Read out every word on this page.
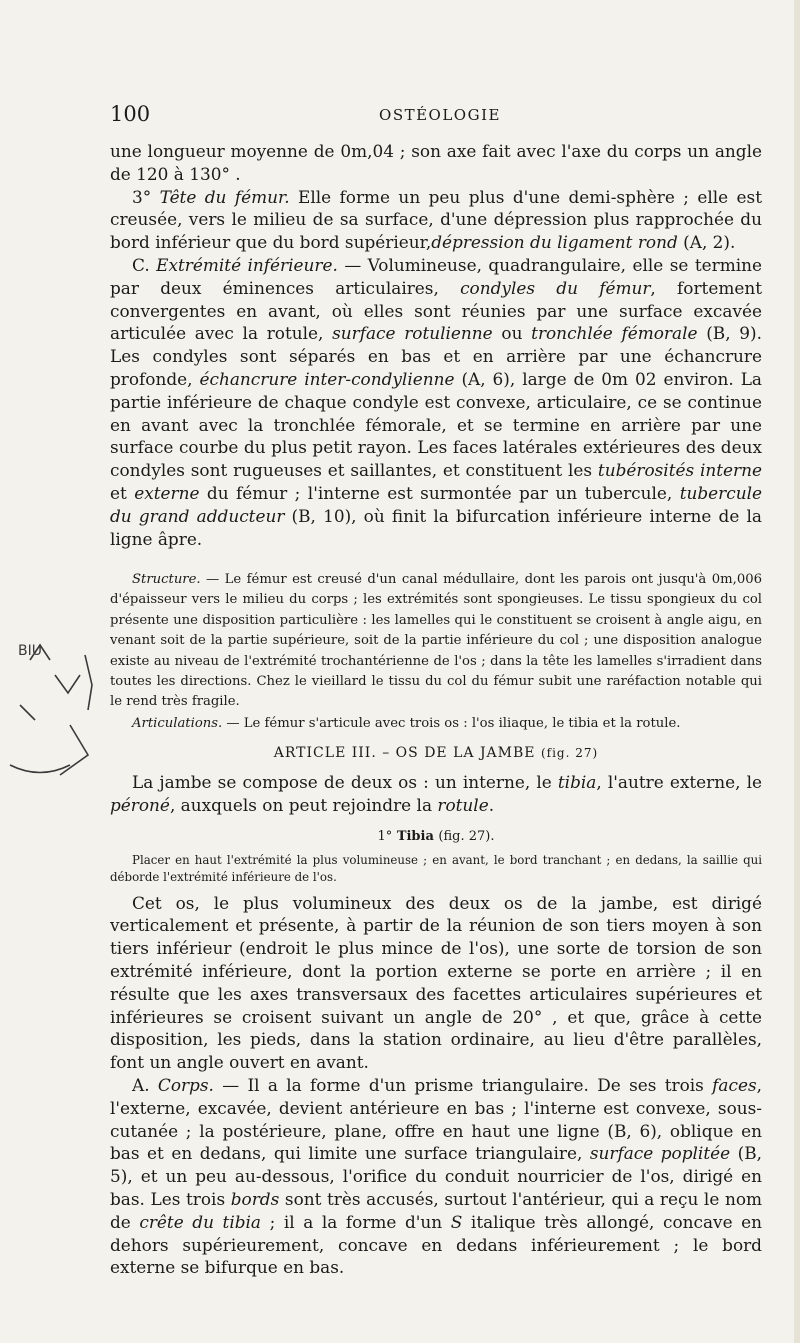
100	OSTÉOLOGIE

une longueur moyenne de 0m,04 ; son axe fait avec l'axe du corps un angle de 120 à 130° .

3° Tête du fémur. Elle forme un peu plus d'une demi-sphère ; elle est creusée, vers le milieu de sa surface, d'une dépression plus rapprochée du bord inférieur que du bord supérieur,dépression du ligament rond (A, 2).

C. Extrémité inférieure. — Volumineuse, quadrangulaire, elle se termine par deux éminences articulaires, condyles du fémur, fortement convergentes en avant, où elles sont réunies par une surface excavée articulée avec la rotule, surface rotulienne ou tronchlée fémorale (B, 9). Les condyles sont séparés en bas et en arrière par une échancrure profonde, échancrure inter-condylienne (A, 6), large de 0m 02 environ. La partie inférieure de chaque condyle est convexe, articulaire, ce se continue en avant avec la tronchlée fémorale, et se termine en arrière par une surface courbe du plus petit rayon. Les faces latérales extérieures des deux condyles sont rugueuses et saillantes, et constituent les tubérosités interne et externe du fémur ; l'interne est surmontée par un tubercule, tubercule du grand adducteur (B, 10), où finit la bifurcation inférieure interne de la ligne âpre.

Structure. — Le fémur est creusé d'un canal médullaire, dont les parois ont jusqu'à 0m,006 d'épaisseur vers le milieu du corps ; les extrémités sont spongieuses. Le tissu spongieux du col présente une disposition particulière : les lamelles qui le constituent se croisent à angle aigu, en venant soit de la partie supérieure, soit de la partie inférieure du col ; une disposition analogue existe au niveau de l'extrémité trochantérienne de l'os ; dans la tête les lamelles s'irradient dans toutes les directions. Chez le vieillard le tissu du col du fémur subit une raréfaction notable qui le rend très fragile.

Articulations. — Le fémur s'articule avec trois os : l'os iliaque, le tibia et la rotule.

ARTICLE III. – OS DE LA JAMBE (fig. 27)

La jambe se compose de deux os : un interne, le tibia, l'autre externe, le péroné, auxquels on peut rejoindre la rotule.

1° Tibia (fig. 27).

Placer en haut l'extrémité la plus volumineuse ; en avant, le bord tranchant ; en dedans, la saillie qui déborde l'extrémité inférieure de l'os.

Cet os, le plus volumineux des deux os de la jambe, est dirigé verticalement et présente, à partir de la réunion de son tiers moyen à son tiers inférieur (endroit le plus mince de l'os), une sorte de torsion de son extrémité inférieure, dont la portion externe se porte en arrière ; il en résulte que les axes transversaux des facettes articulaires supérieures et inférieures se croisent suivant un angle de 20° , et que, grâce à cette disposition, les pieds, dans la station ordinaire, au lieu d'être parallèles, font un angle ouvert en avant.

A. Corps. — Il a la forme d'un prisme triangulaire. De ses trois faces, l'externe, excavée, devient antérieure en bas ; l'interne est convexe, sous-cutanée ; la postérieure, plane, offre en haut une ligne (B, 6), oblique en bas et en dedans, qui limite une surface triangulaire, surface poplitée (B, 5), et un peu au-dessous, l'orifice du conduit nourricier de l'os, dirigé en bas. Les trois bords sont très accusés, surtout l'antérieur, qui a reçu le nom de crête du tibia ; il a la forme d'un S italique très allongé, concave en dehors supérieurement, concave en dedans inférieurement ; le bord externe se bifurque en bas.

BIU
